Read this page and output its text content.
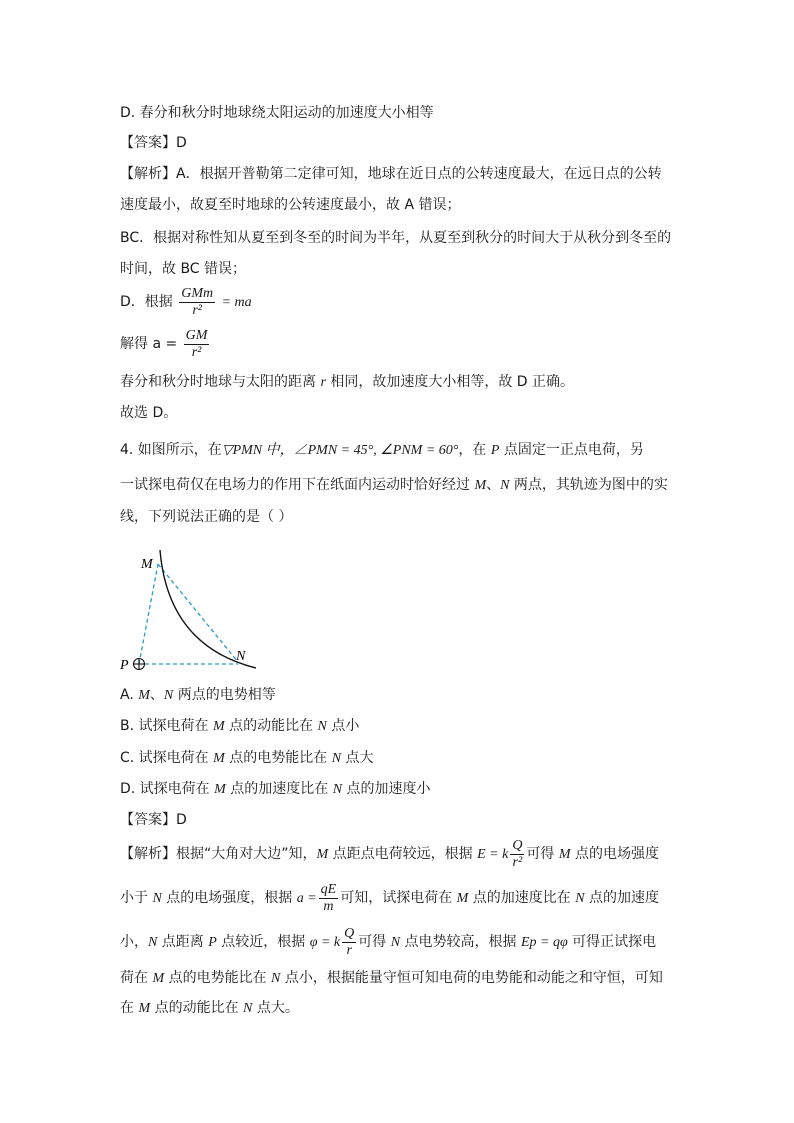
D. 春分和秋分时地球绕太阳运动的加速度大小相等
【答案】D
【解析】A．根据开普勒第二定律可知，地球在近日点的公转速度最大，在远日点的公转
速度最小，故夏至时地球的公转速度最小，故 A 错误；
BC．根据对称性知从夏至到冬至的时间为半年，从夏至到秋分的时间大于从秋分到冬至的
时间，故 BC 错误；
D．根据 $\frac{\text{GMm}}{\text{r²}}$ = ma
解得 $a = \frac{GM}{\text{r²}}$
春分和秋分时地球与太阳的距离 r 相同，故加速度大小相等，故 D 正确。
故选 D。
4. 如图所示，在▽PMN 中，∠PMN = 45°, ∠PNM = 60°，在 P 点固定一正点电荷，另
一试探电荷仅在电场力的作用下在纸面内运动时恰好经过 M、N 两点，其轨迹为图中的实
线，下列说法正确的是（ ）
M
N
P
A. M、N 两点的电势相等
B. 试探电荷在 M 点的动能比在 N 点小
C. 试探电荷在 M 点的电势能比在 N 点大
D. 试探电荷在 M 点的加速度比在 N 点的加速度小
【答案】D
【解析】根据“大角对大边”知，M 点距点电荷较远，根据 E = k $\frac{Q}{\text{r²}}$ 可得 M 点的电场强度
小于 N 点的电场强度，根据 $a = \frac{qE}{m}$ 可知，试探电荷在 M 点的加速度比在 N 点的加速度
小，N 点距离 P 点较近，根据 φ = k $\frac{Q}{r}$ 可得 N 点电势较高，根据 Ep = qφ 可得正试探电
荷在 M 点的电势能比在 N 点小，根据能量守恒可知电荷的电势能和动能之和守恒，可知
在 M 点的动能比在 N 点大。
